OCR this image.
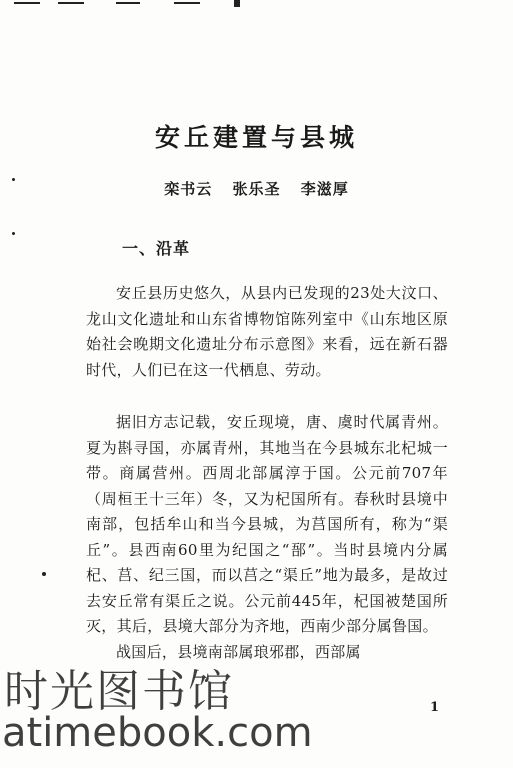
安丘建置与县城
栾书云 张乐圣 李滋厚
一、沿革

安丘县历史悠久，从县内已发现的23处大汶口、龙山文化遗址和山东省博物馆陈列室中《山东地区原始社会晚期文化遗址分布示意图》来看，远在新石器时代，人们已在这一代栖息、劳动。

据旧方志记载，安丘现境，唐、虞时代属青州。夏为斟寻国，亦属青州，其地当在今县城东北杞城一带。商属营州。西周北部属淳于国。公元前707年（周桓王十三年）冬，又为杞国所有。春秋时县境中南部，包括牟山和当今县城，为莒国所有，称为“渠丘”。县西南60里为纪国之“郚”。当时县境内分属杞、莒、纪三国，而以莒之“渠丘”地为最多，是故过去安丘常有渠丘之说。公元前445年，杞国被楚国所灭，其后，县境大部分为齐地，西南少部分属鲁国。

战国后，县境南部属琅邪郡，西部属

1
时光图书馆
atimebook.com
